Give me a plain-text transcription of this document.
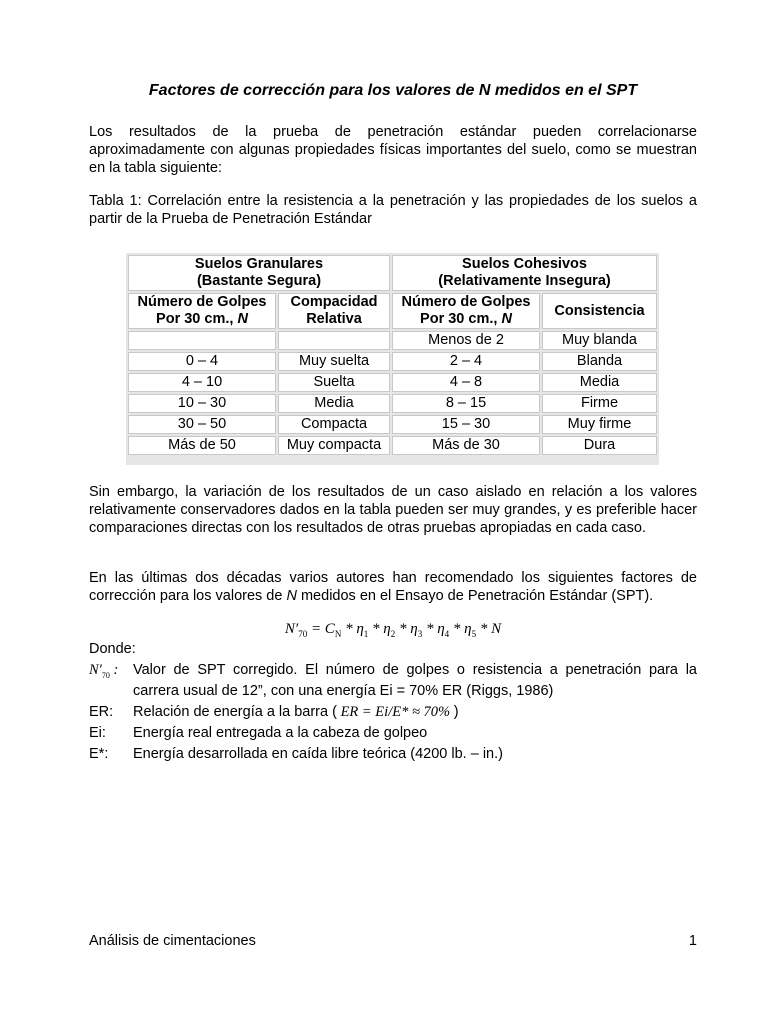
Factores de corrección para los valores de N medidos en el SPT

Los resultados de la prueba de penetración estándar pueden correlacionarse aproximadamente con algunas propiedades físicas importantes del suelo, como se muestran en la tabla siguiente:

Tabla 1: Correlación entre la resistencia a la penetración y las propiedades de los suelos a partir de la Prueba de Penetración Estándar

Suelos Granulares
(Bastante Segura)		Suelos Cohesivos
(Relativamente Insegura)	
Número de Golpes
Por 30 cm., N	Compacidad
Relativa	Número de Golpes
Por 30 cm., N	Consistencia
		Menos de 2	Muy blanda
0 – 4	Muy suelta	2 – 4	Blanda
4 – 10	Suelta	4 – 8	Media
10 – 30	Media	8 – 15	Firme
30 – 50	Compacta	15 – 30	Muy firme
Más de 50	Muy compacta	Más de 30	Dura

Sin embargo, la variación de los resultados de un caso aislado en relación a los valores relativamente conservadores dados en la tabla pueden ser muy grandes, y es preferible hacer comparaciones directas con los resultados de otras pruebas apropiadas en cada caso.

En las últimas dos décadas varios autores han recomendado los siguientes factores de corrección para los valores de N medidos en el Ensayo de Penetración Estándar (SPT).

$N'_{70} = C_N * \eta_1 * \eta_2 * \eta_3 * \eta_4 * \eta_5 * N$

Donde:

$N'_{70}$ :	Valor de SPT corregido. El número de golpes o resistencia a penetración para la carrera usual de 12”, con una energía Ei = 70% ER (Riggs, 1986)
ER:	Relación de energía a la barra ( ER = Ei/E* ≈ 70% )
Ei:	Energía real entregada a la cabeza de golpeo
E*:	Energía desarrollada en caída libre teórica (4200 lb. – in.)
Análisis de cimentaciones	1
